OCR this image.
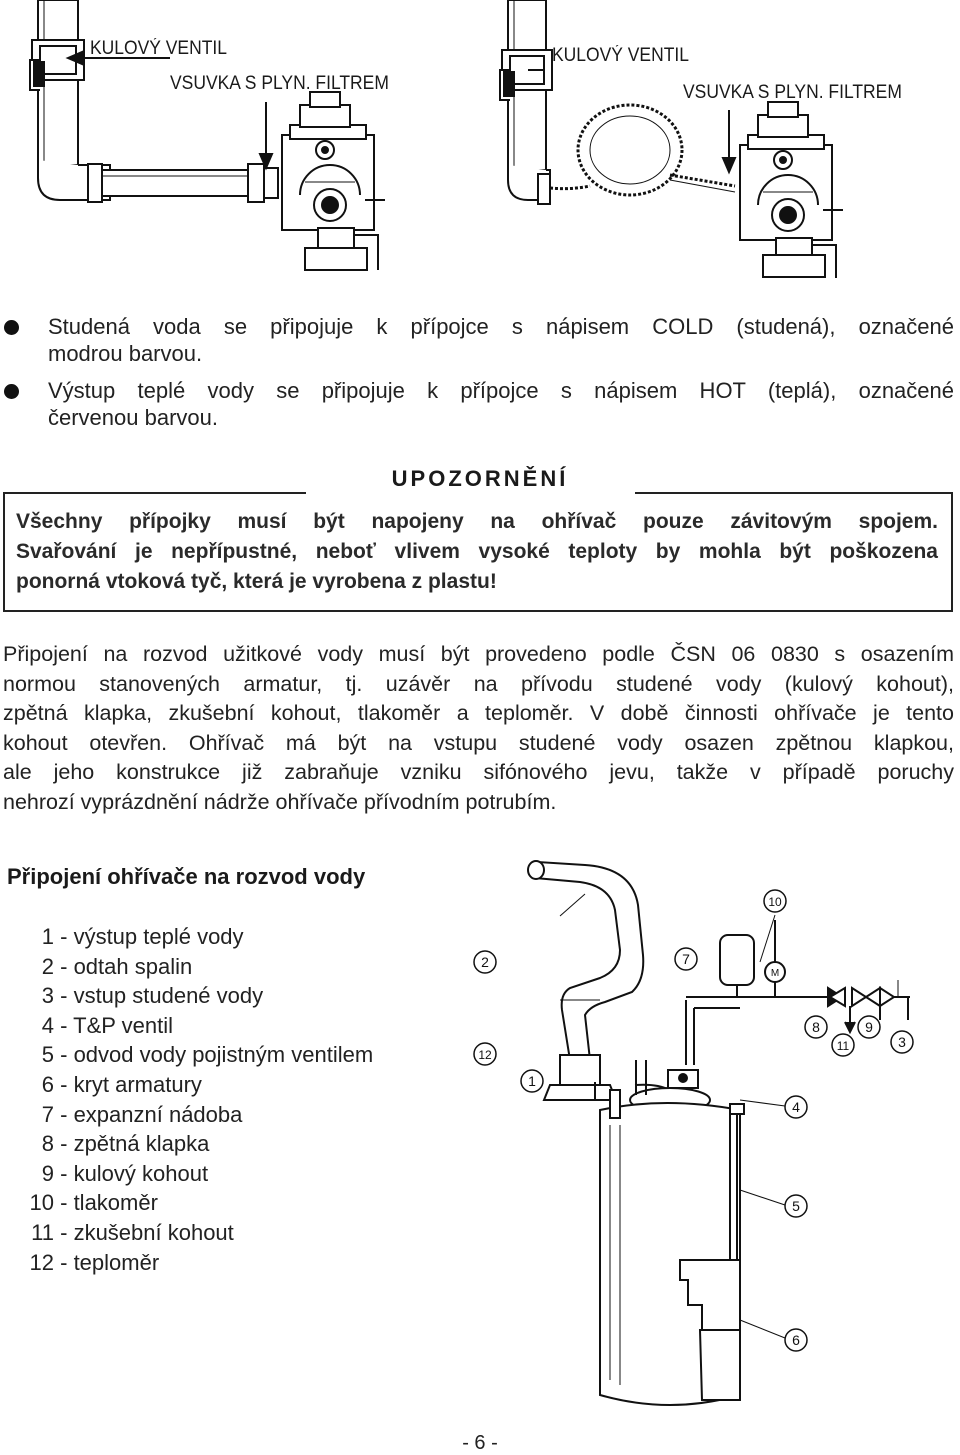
KULOVÝ VENTIL
VSUVKA S PLYN. FILTREM
KULOVÝ VENTIL
VSUVKA S PLYN. FILTREM
Studená voda se připojuje k přípojce s nápisem COLD (studená), označené
modrou barvou.
Výstup teplé vody se připojuje k přípojce s nápisem HOT (teplá), označené
červenou barvou.
UPOZORNĚNÍ
Všechny přípojky musí být napojeny na ohřívač pouze závitovým spojem.
Svařování je nepřípustné, neboť vlivem vysoké teploty by mohla být poškozena
ponorná vtoková tyč, která je vyrobena z plastu!
Připojení na rozvod užitkové vody musí být provedeno podle ČSN 06 0830 s osazením
normou stanovených armatur, tj. uzávěr na přívodu studené vody (kulový kohout),
zpětná klapka, zkušební kohout, tlakoměr a teploměr. V době činnosti ohřívače je tento
kohout otevřen. Ohřívač má být na vstupu studené vody osazen zpětnou klapkou,
ale jeho konstrukce již zabraňuje vzniku sifónového jevu, takže v případě poruchy
nehrozí vyprázdnění nádrže ohřívače přívodním potrubím.
Připojení ohřívače na rozvod vody
1 - výstup teplé vody
2 - odtah spalin
3 - vstup studené vody
4 - T&P ventil
5 - odvod vody pojistným ventilem
6 - kryt armatury
7 - expanzní nádoba
8 - zpětná klapka
9 - kulový kohout
10 - tlakoměr
11 - zkušební kohout
12 - teploměr
1
2
3
4
5
6
7
8	9
10
11
12
M
- 6 -
